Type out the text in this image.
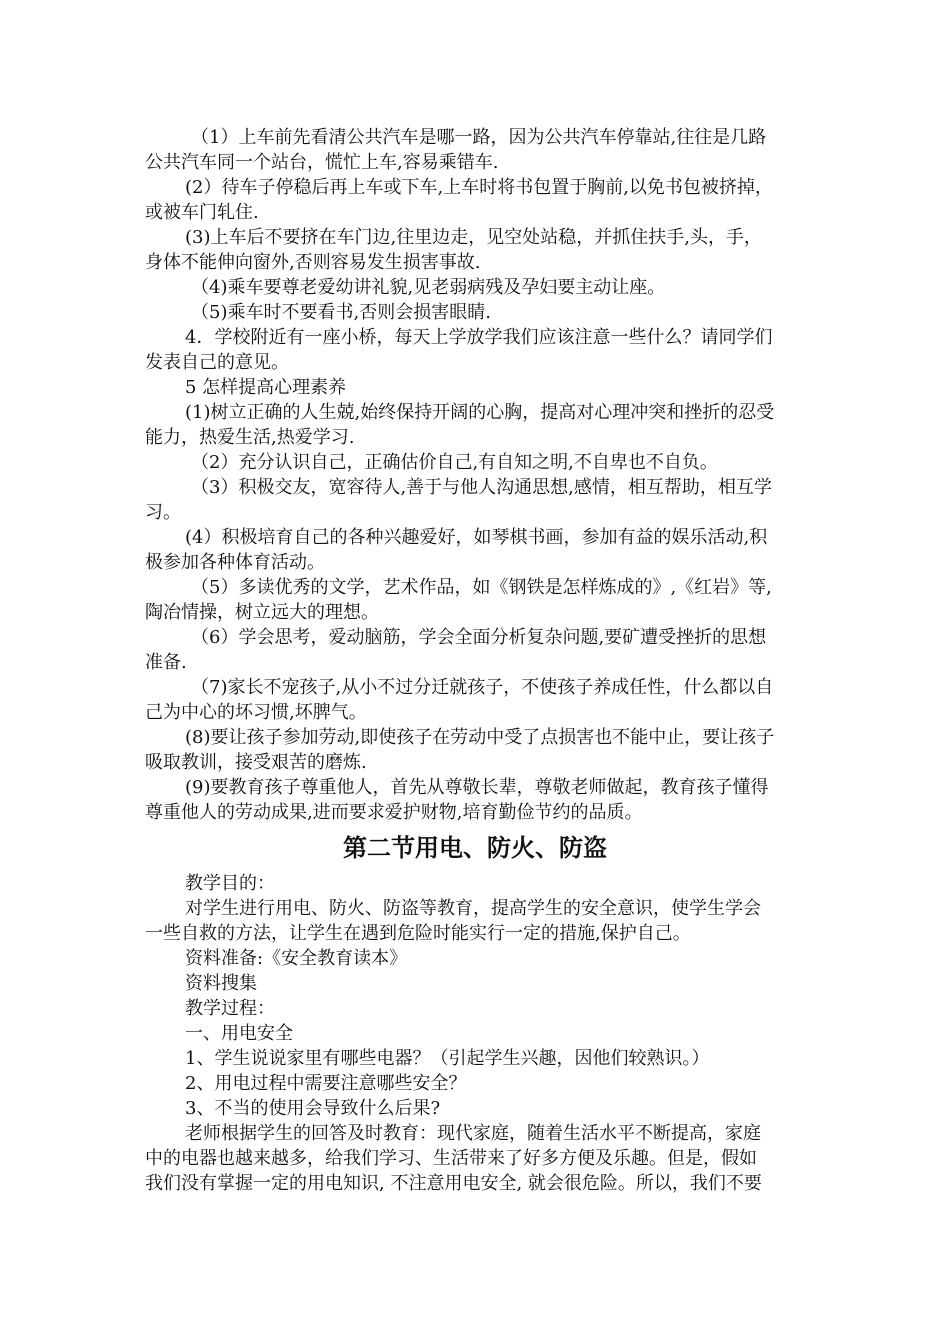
（1）上车前先看清公共汽车是哪一路，因为公共汽车停靠站,往往是几路
公共汽车同一个站台，慌忙上车,容易乘错车.
(2）待车子停稳后再上车或下车,上车时将书包置于胸前,以免书包被挤掉，
或被车门轧住.
(3)上车后不要挤在车门边,往里边走，见空处站稳，并抓住扶手,头，手，
身体不能伸向窗外,否则容易发生损害事故.
（4)乘车要尊老爱幼讲礼貌,见老弱病残及孕妇要主动让座。
（5)乘车时不要看书,否则会损害眼睛.
4．学校附近有一座小桥，每天上学放学我们应该注意一些什么？请同学们
发表自己的意见。
5 怎样提高心理素养
(1)树立正确的人生兢,始终保持开阔的心胸，提高对心理冲突和挫折的忍受
能力，热爱生活,热爱学习.
（2）充分认识自己，正确估价自己,有自知之明,不自卑也不自负。
（3）积极交友，宽容待人,善于与他人沟通思想,感情，相互帮助，相互学
习。
(4）积极培育自己的各种兴趣爱好，如琴棋书画，参加有益的娱乐活动,积
极参加各种体育活动。
（5）多读优秀的文学，艺术作品，如《钢铁是怎样炼成的》,《红岩》等,
陶冶情操，树立远大的理想。
（6）学会思考，爱动脑筋，学会全面分析复杂问题,要矿遭受挫折的思想
准备.
（7)家长不宠孩子,从小不过分迁就孩子，不使孩子养成任性，什么都以自
己为中心的坏习惯,坏脾气。
(8)要让孩子参加劳动,即使孩子在劳动中受了点损害也不能中止，要让孩子
吸取教训，接受艰苦的磨炼.
(9)要教育孩子尊重他人，首先从尊敬长辈，尊敬老师做起，教育孩子懂得
尊重他人的劳动成果,进而要求爱护财物,培育勤俭节约的品质。
第二节用电、防火、防盗
教学目的：
对学生进行用电、防火、防盗等教育，提高学生的安全意识，使学生学会
一些自救的方法，让学生在遇到危险时能实行一定的措施,保护自己。
资料准备:《安全教育读本》
资料搜集
教学过程：
一、用电安全
1、学生说说家里有哪些电器？（引起学生兴趣，因他们较熟识。）
2、用电过程中需要注意哪些安全？
3、不当的使用会导致什么后果?
老师根据学生的回答及时教育：现代家庭，随着生活水平不断提高，家庭
中的电器也越来越多，给我们学习、生活带来了好多方便及乐趣。但是，假如
我们没有掌握一定的用电知识, 不注意用电安全, 就会很危险。所以，我们不要
